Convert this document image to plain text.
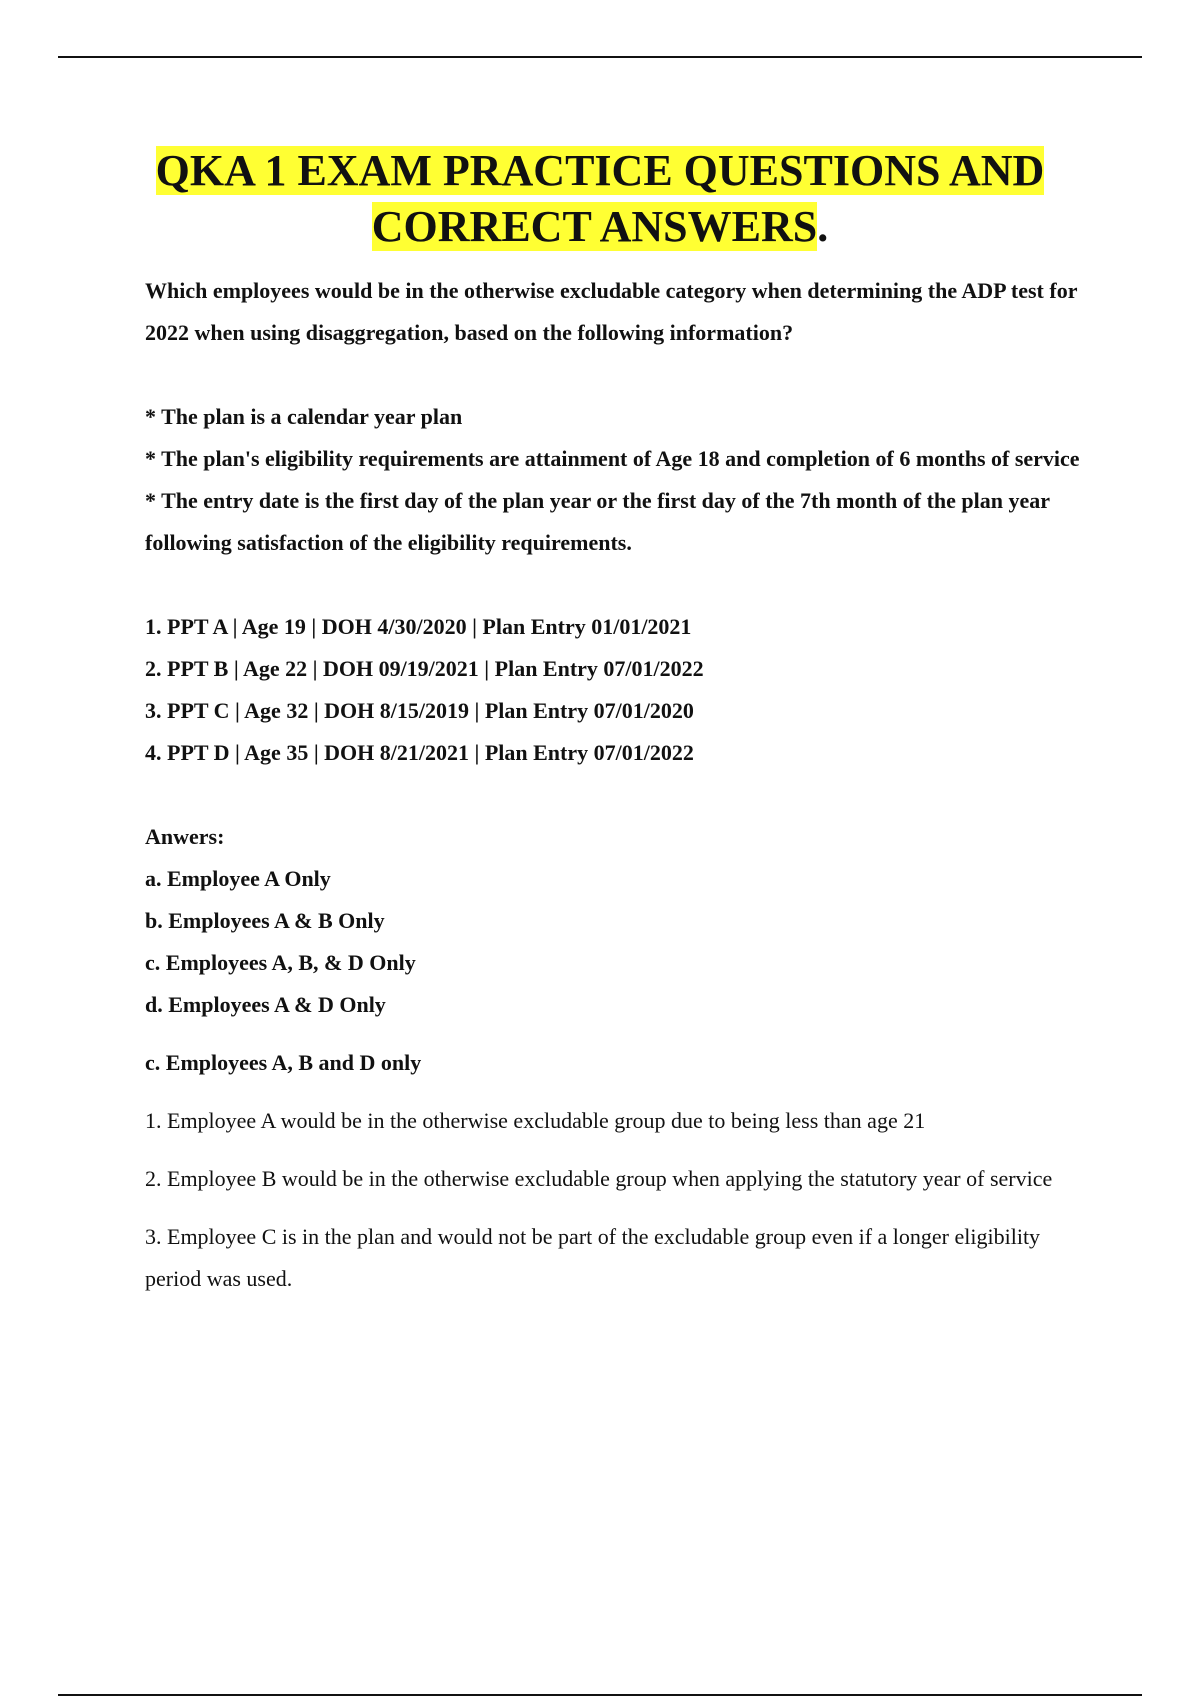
QKA 1 EXAM PRACTICE QUESTIONS AND
CORRECT ANSWERS.

Which employees would be in the otherwise excludable category when determining the ADP test for 2022 when using disaggregation, based on the following information?

* The plan is a calendar year plan

* The plan's eligibility requirements are attainment of Age 18 and completion of 6 months of service

* The entry date is the first day of the plan year or the first day of the 7th month of the plan year following satisfaction of the eligibility requirements.

1. PPT A | Age 19 | DOH 4/30/2020 | Plan Entry 01/01/2021

2. PPT B | Age 22 | DOH 09/19/2021 | Plan Entry 07/01/2022

3. PPT C | Age 32 | DOH 8/15/2019 | Plan Entry 07/01/2020

4. PPT D | Age 35 | DOH 8/21/2021 | Plan Entry 07/01/2022

Anwers:

a. Employee A Only

b. Employees A & B Only

c. Employees A, B, & D Only

d. Employees A & D Only

c. Employees A, B and D only

1. Employee A would be in the otherwise excludable group due to being less than age 21

2. Employee B would be in the otherwise excludable group when applying the statutory year of service

3. Employee C is in the plan and would not be part of the excludable group even if a longer eligibility period was used.
